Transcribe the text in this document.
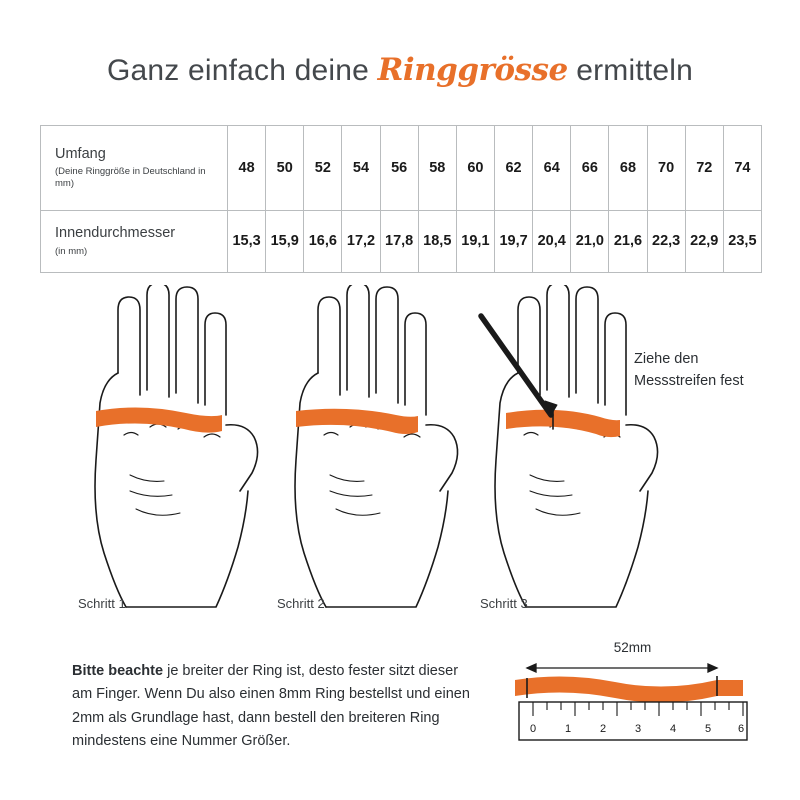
Ganz einfach deine Ringgrösse ermitteln
Umfang
(Deine Ringgröße in Deutschland in mm)	48	50	52	54	56	58	60	62	64	66	68	70	72	74

Innendurchmesser
(in mm)	15,3	15,9	16,6	17,2	17,8	18,5	19,1	19,7	20,4	21,0	21,6	22,3	22,9	23,5
Schritt 1	Schritt 2	Schritt 3
Ziehe den Messstreifen fest
Bitte beachte je breiter der Ring ist, desto fester sitzt dieser am Finger. Wenn Du also einen 8mm Ring bestellst und einen 2mm als Grundlage hast, dann bestell den breiteren Ring mindestens eine Nummer Größer.
52mm
0	1	2	3	4	5 6
